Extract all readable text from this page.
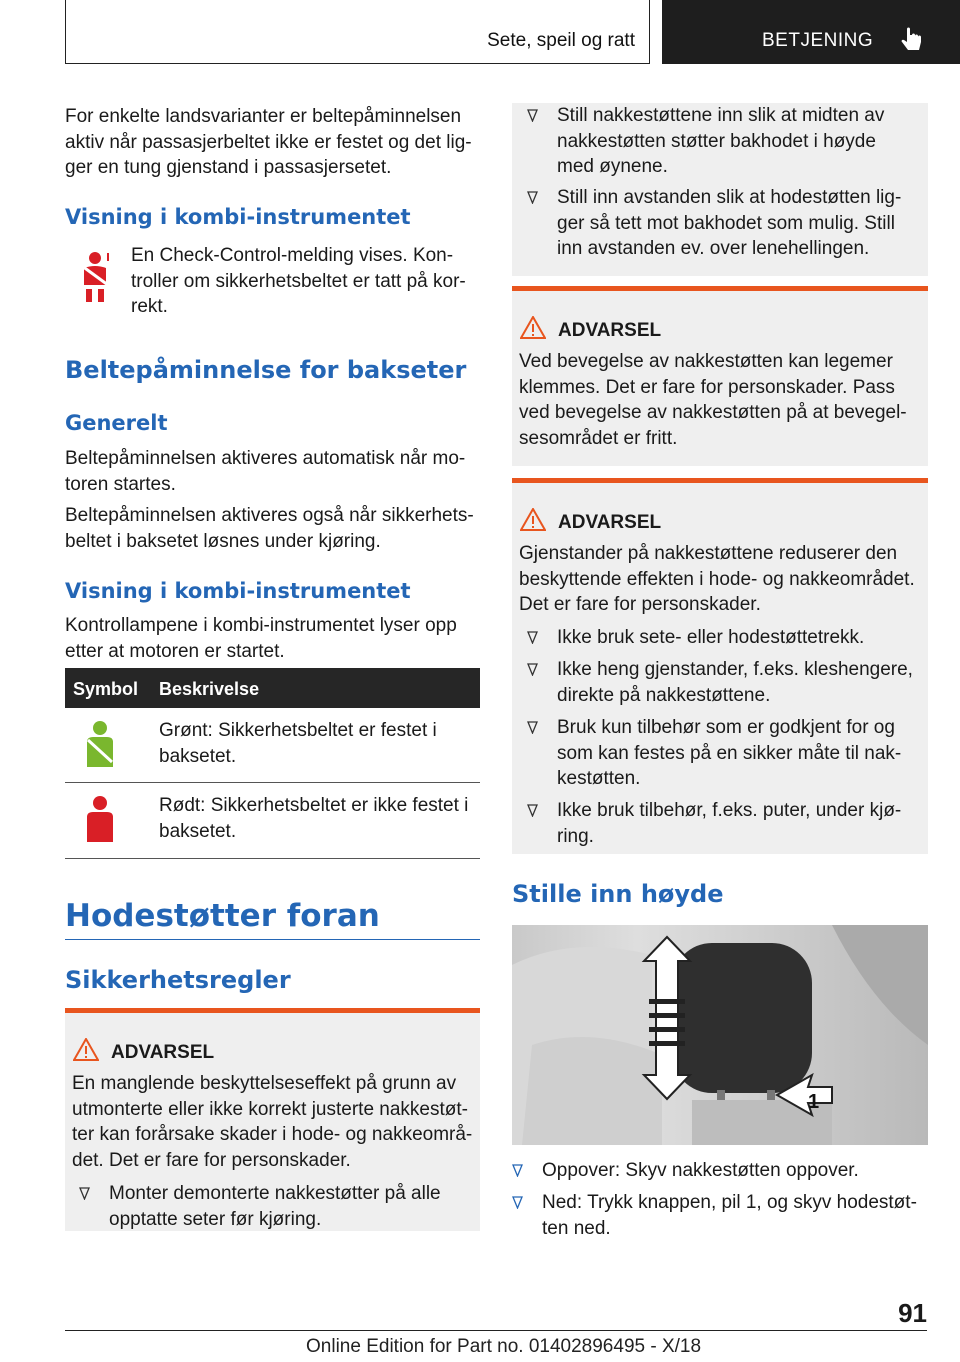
Sete, speil og ratt	BETJENING

For enkelte landsvarianter er beltepåminnelsen aktiv når passasjerbeltet ikke er festet og det lig-ger en tung gjenstand i passasjersetet.

Visning i kombi-instrumentet

En Check-Control-melding vises. Kon-troller om sikkerhetsbeltet er tatt på kor-rekt.

Beltepåminnelse for bakseter
Generelt

Beltepåminnelsen aktiveres automatisk når mo-toren startes.

Beltepåminnelsen aktiveres også når sikkerhets-beltet i baksetet løsnes under kjøring.

Visning i kombi-instrumentet

Kontrollampene i kombi-instrumentet lyser opp etter at motoren er startet.

Symbol Beskrivelse
Grønt: Sikkerhetsbeltet er festet i baksetet.
Rødt: Sikkerhetsbeltet er ikke festet i baksetet.
Hodestøtter foran
Sikkerhetsregler
ADVARSEL

En manglende beskyttelseseffekt på grunn av utmonterte eller ikke korrekt justerte nakkestøt-ter kan forårsake skader i hode- og nakkeområ-det. Det er fare for personskader.

Monter demonterte nakkestøtter på alle opptatte seter før kjøring.
Still nakkestøttene inn slik at midten av nakkestøtten støtter bakhodet i høyde med øynene.
Still inn avstanden slik at hodestøtten lig-ger så tett mot bakhodet som mulig. Still inn avstanden ev. over lenehellingen.
ADVARSEL

Ved bevegelse av nakkestøtten kan legemer klemmes. Det er fare for personskader. Pass ved bevegelse av nakkestøtten på at bevegel-sesområdet er fritt.

ADVARSEL

Gjenstander på nakkestøttene reduserer den beskyttende effekten i hode- og nakkeområdet. Det er fare for personskader.

Ikke bruk sete- eller hodestøttetrekk.
Ikke heng gjenstander, f.eks. kleshengere, direkte på nakkestøttene.
Bruk kun tilbehør som er godkjent for og som kan festes på en sikker måte til nak-kestøtten.
Ikke bruk tilbehør, f.eks. puter, under kjø-ring.
Stille inn høyde
1
Oppover: Skyv nakkestøtten oppover.
Ned: Trykk knappen, pil 1, og skyv hodestøt-ten ned.
91
Online Edition for Part no. 01402896495 - X/18
